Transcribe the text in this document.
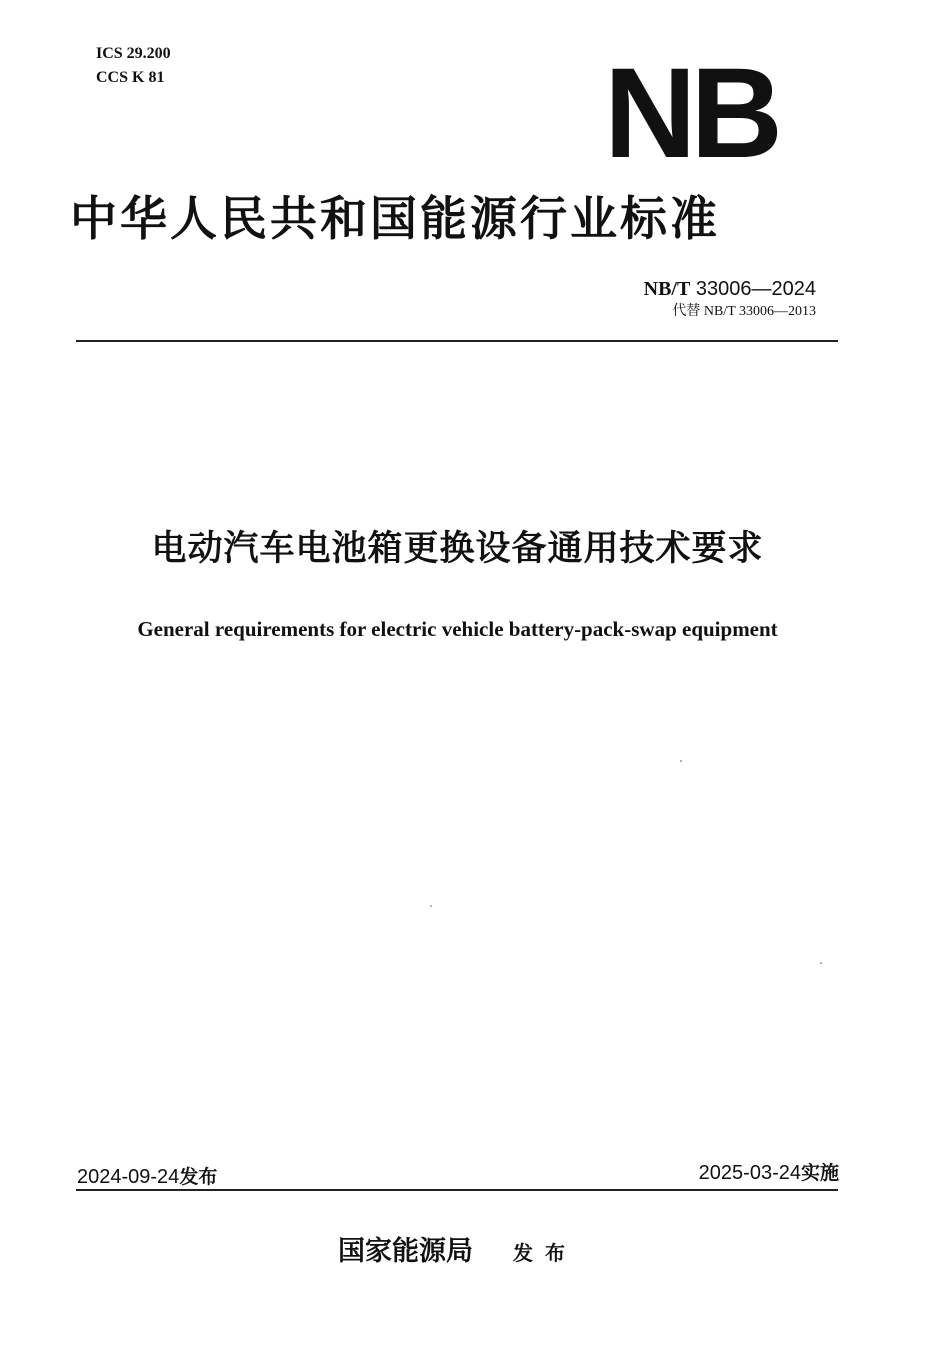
ICS 29.200
CCS K 81	NB
中华人民共和国能源行业标准
NB/T 33006—2024
代替 NB/T 33006—2013
电动汽车电池箱更换设备通用技术要求
General requirements for electric vehicle battery-pack-swap equipment
2024-09-24发布	2025-03-24实施
国家能源局 发布
